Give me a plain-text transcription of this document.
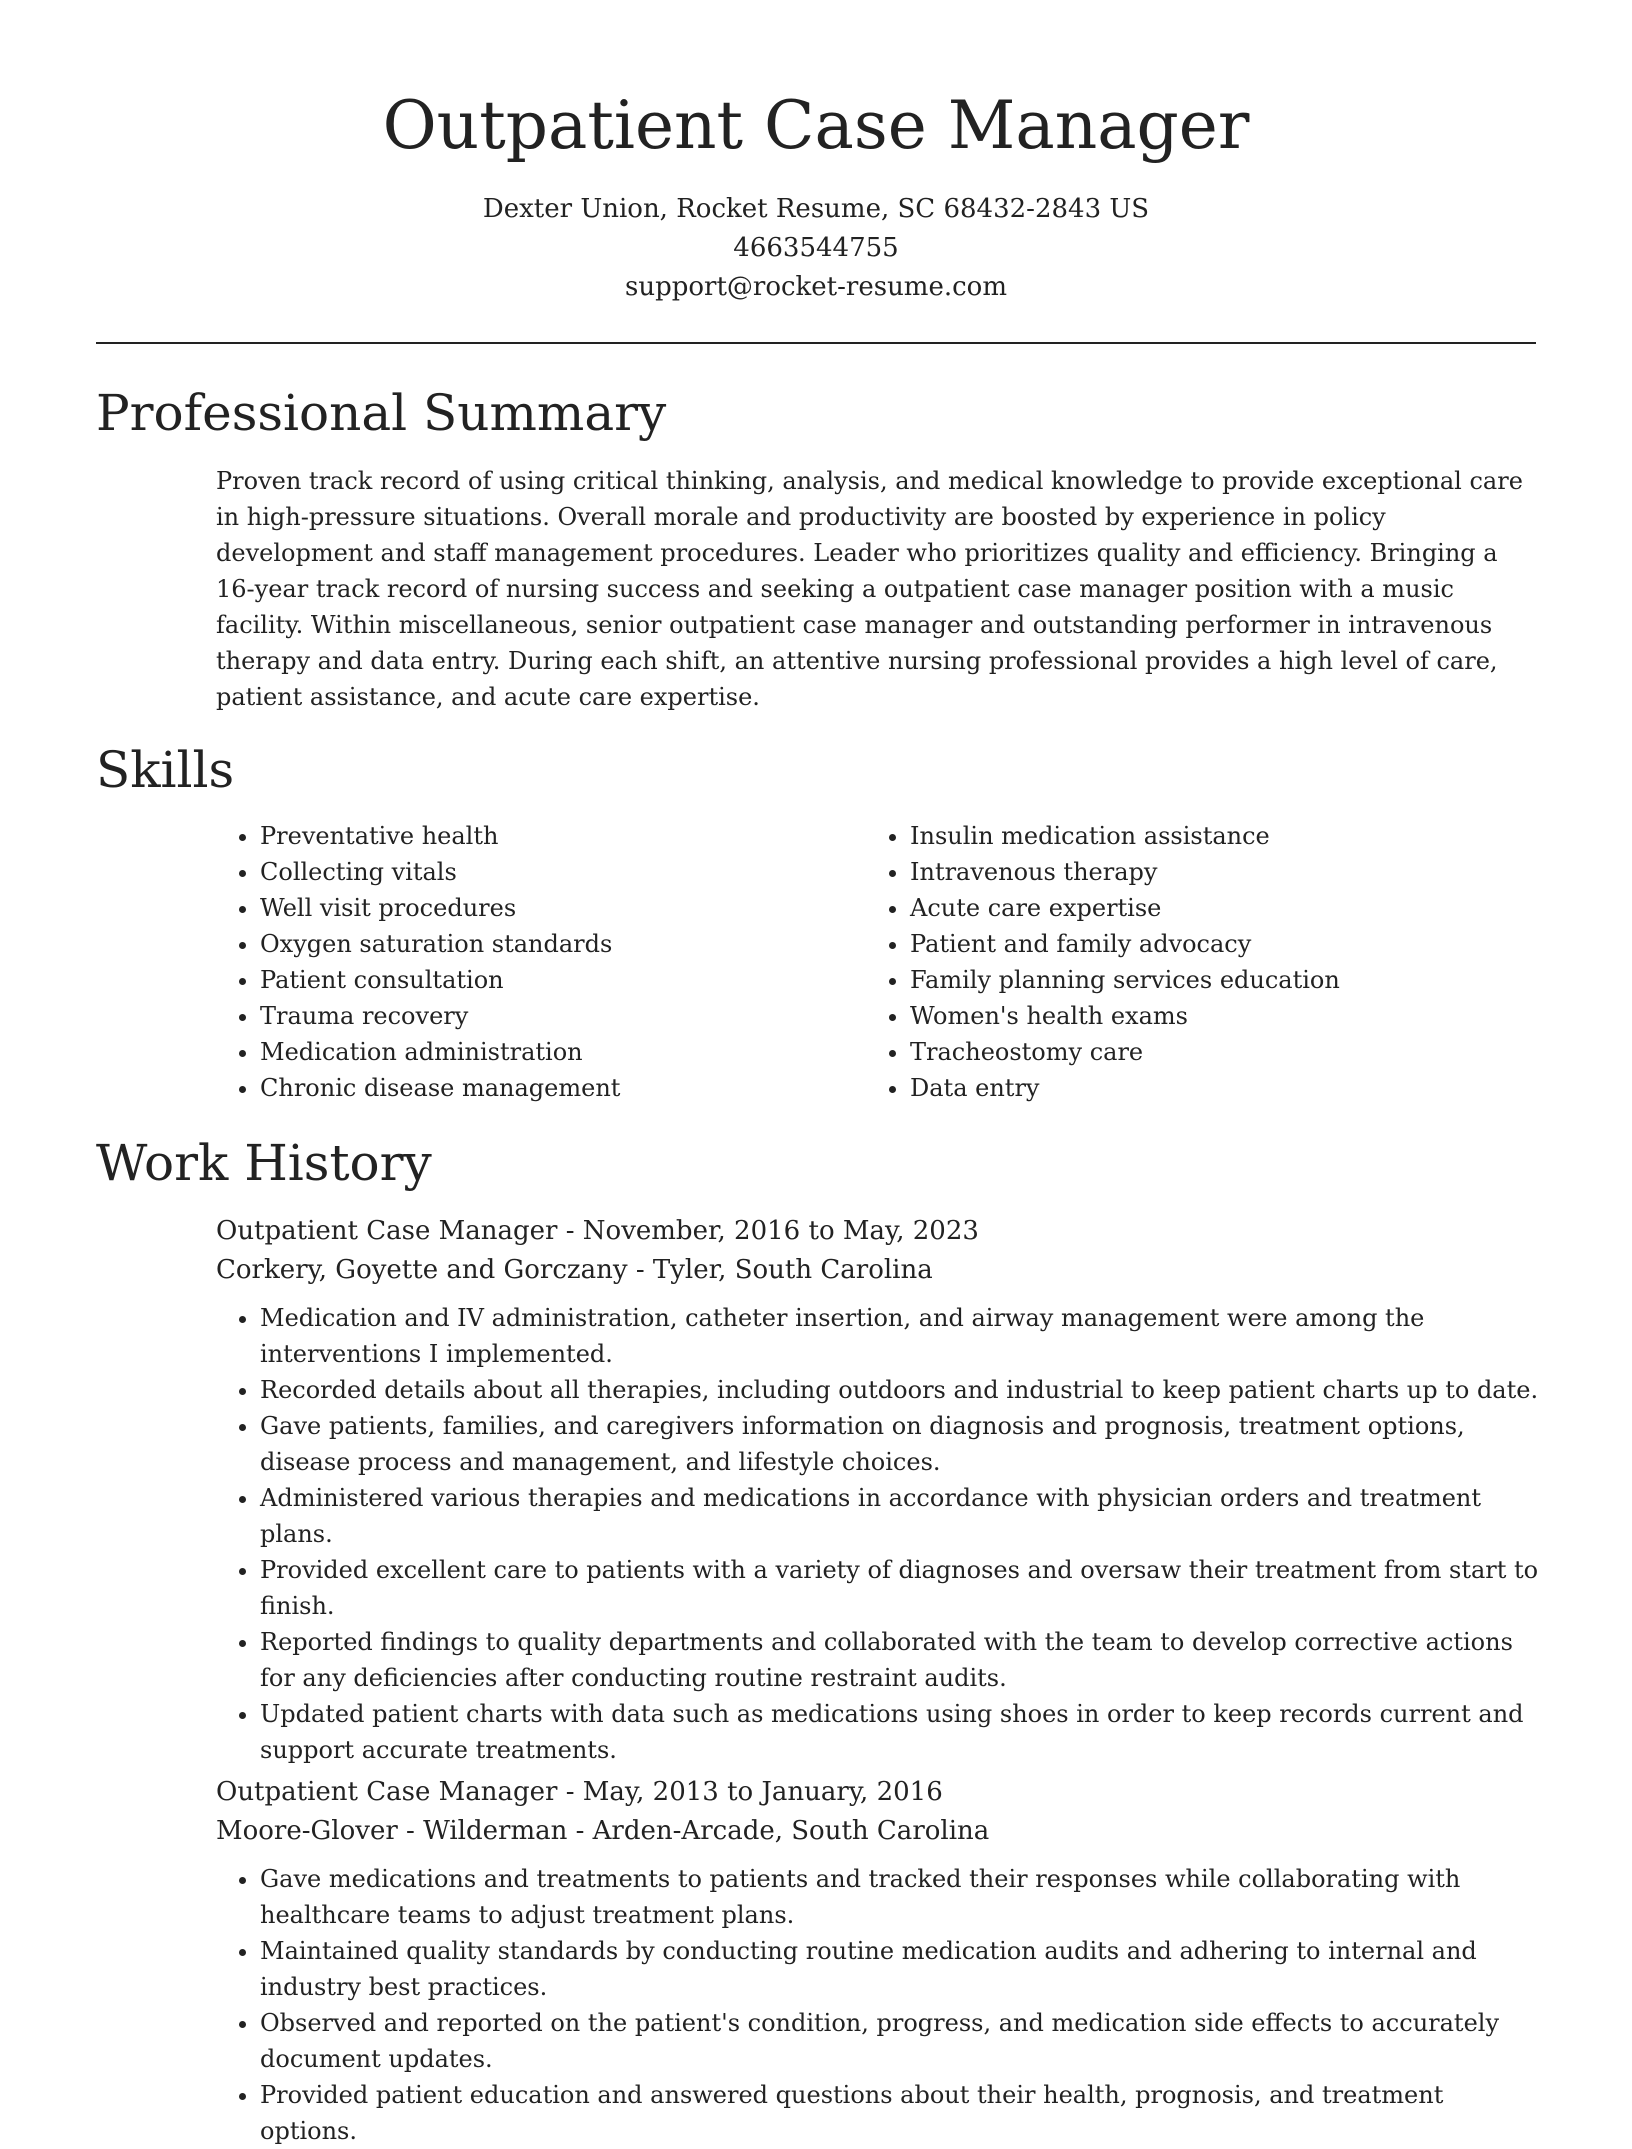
Outpatient Case Manager
Dexter Union, Rocket Resume, SC 68432-2843 US
4663544755
support@rocket-resume.com
Professional Summary

Proven track record of using critical thinking, analysis, and medical knowledge to provide exceptional care in high-pressure situations. Overall morale and productivity are boosted by experience in policy development and staff management procedures. Leader who prioritizes quality and efficiency. Bringing a 16-year track record of nursing success and seeking a outpatient case manager position with a music facility. Within miscellaneous, senior outpatient case manager and outstanding performer in intravenous therapy and data entry. During each shift, an attentive nursing professional provides a high level of care, patient assistance, and acute care expertise.

Skills
• Preventative health
• Collecting vitals
• Well visit procedures
• Oxygen saturation standards
• Patient consultation
• Trauma recovery
• Medication administration
• Chronic disease management
• Insulin medication assistance
• Intravenous therapy
• Acute care expertise
• Patient and family advocacy
• Family planning services education
• Women's health exams
• Tracheostomy care
• Data entry
Work History
Outpatient Case Manager - November, 2016 to May, 2023
Corkery, Goyette and Gorczany - Tyler, South Carolina
• Medication and IV administration, catheter insertion, and airway management were among the interventions I implemented.
• Recorded details about all therapies, including outdoors and industrial to keep patient charts up to date.
• Gave patients, families, and caregivers information on diagnosis and prognosis, treatment options, disease process and management, and lifestyle choices.
• Administered various therapies and medications in accordance with physician orders and treatment plans.
• Provided excellent care to patients with a variety of diagnoses and oversaw their treatment from start to finish.
• Reported findings to quality departments and collaborated with the team to develop corrective actions for any deficiencies after conducting routine restraint audits.
• Updated patient charts with data such as medications using shoes in order to keep records current and support accurate treatments.
Outpatient Case Manager - May, 2013 to January, 2016
Moore-Glover - Wilderman - Arden-Arcade, South Carolina
• Gave medications and treatments to patients and tracked their responses while collaborating with healthcare teams to adjust treatment plans.
• Maintained quality standards by conducting routine medication audits and adhering to internal and industry best practices.
• Observed and reported on the patient's condition, progress, and medication side effects to accurately document updates.
• Provided patient education and answered questions about their health, prognosis, and treatment options.
